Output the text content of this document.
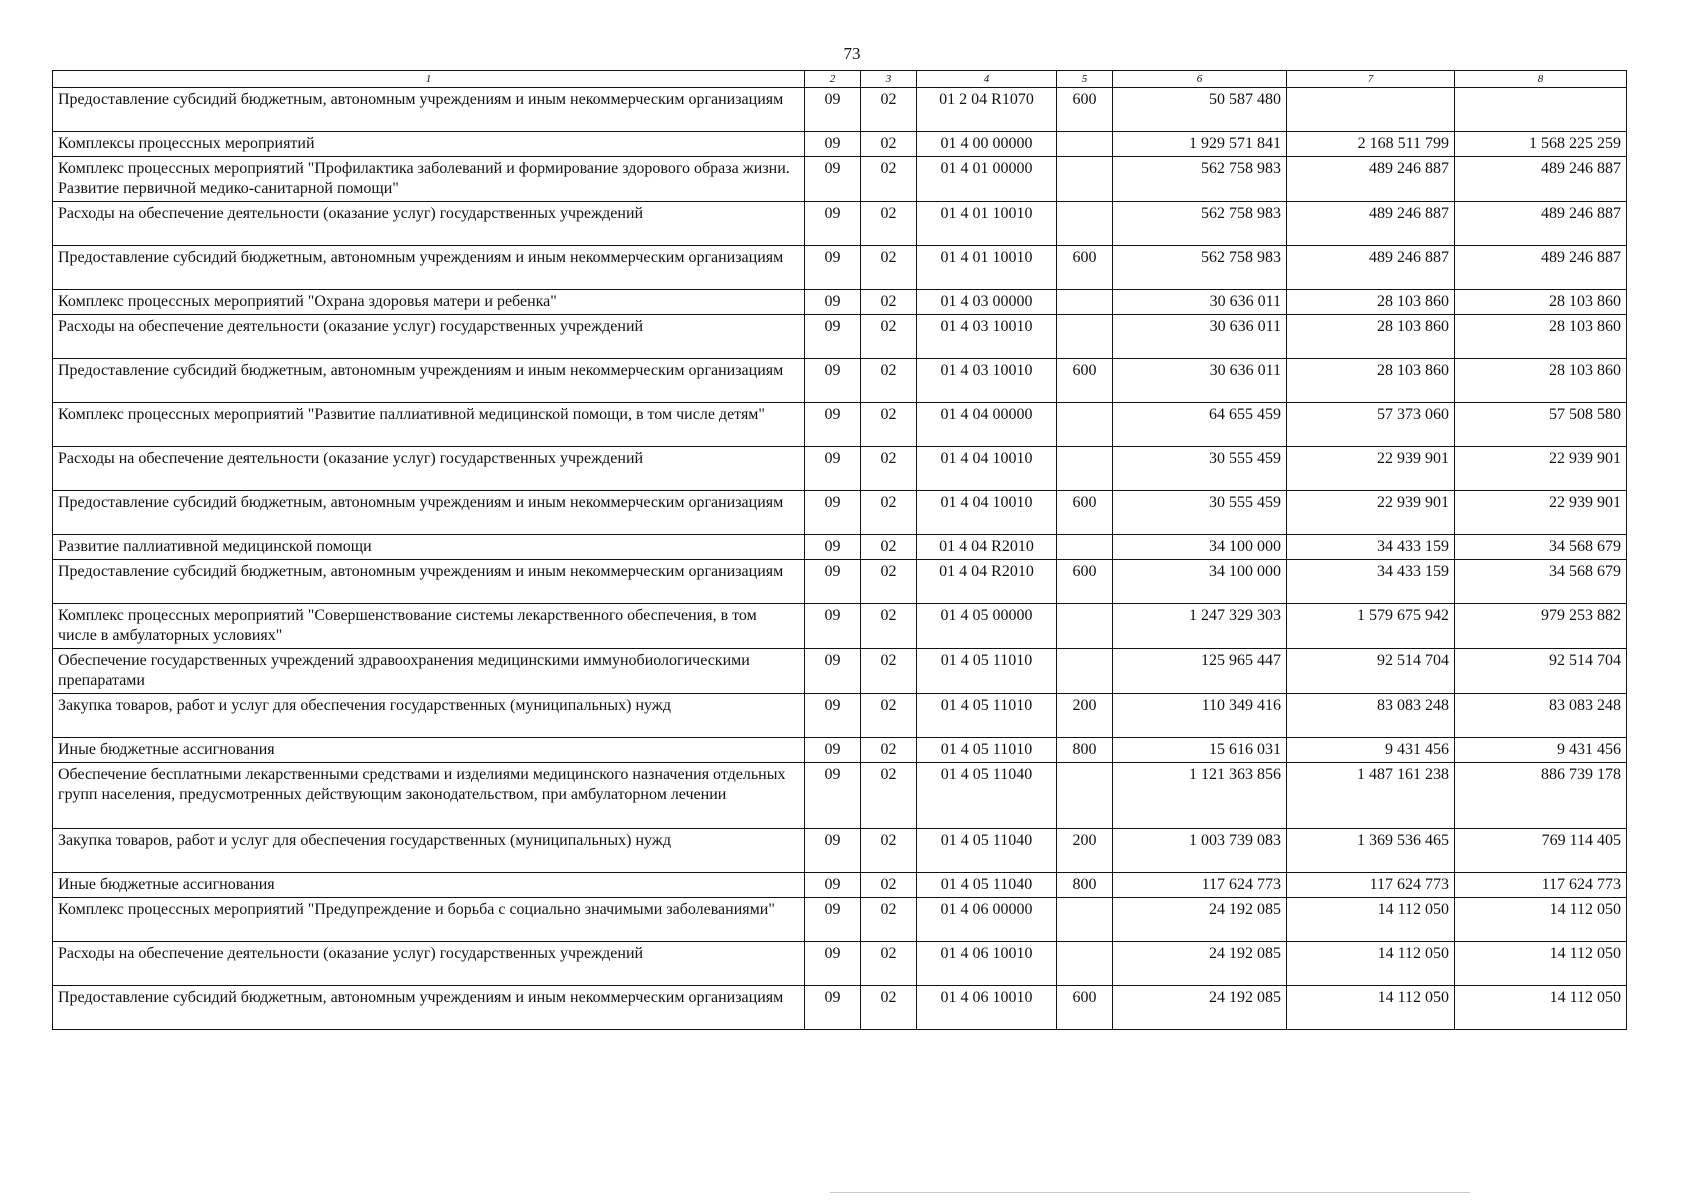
73
1	2	3	4	5	6	7	8
Предоставление субсидий бюджетным, автономным учреждениям и иным некоммерческим организациям	09	02	01 2 04 R1070	600	50 587 480		
Комплексы процессных мероприятий	09	02	01 4 00 00000		1 929 571 841	2 168 511 799	1 568 225 259
Комплекс процессных мероприятий "Профилактика заболеваний и формирование здорового образа жизни. Развитие первичной медико-санитарной помощи"	09	02	01 4 01 00000		562 758 983	489 246 887	489 246 887
Расходы на обеспечение деятельности (оказание услуг) государственных учреждений	09	02	01 4 01 10010		562 758 983	489 246 887	489 246 887
Предоставление субсидий бюджетным, автономным учреждениям и иным некоммерческим организациям	09	02	01 4 01 10010	600	562 758 983	489 246 887	489 246 887
Комплекс процессных мероприятий "Охрана здоровья матери и ребенка"	09	02	01 4 03 00000		30 636 011	28 103 860	28 103 860
Расходы на обеспечение деятельности (оказание услуг) государственных учреждений	09	02	01 4 03 10010		30 636 011	28 103 860	28 103 860
Предоставление субсидий бюджетным, автономным учреждениям и иным некоммерческим организациям	09	02	01 4 03 10010	600	30 636 011	28 103 860	28 103 860
Комплекс процессных мероприятий "Развитие паллиативной медицинской помощи, в том числе детям"	09	02	01 4 04 00000		64 655 459	57 373 060	57 508 580
Расходы на обеспечение деятельности (оказание услуг) государственных учреждений	09	02	01 4 04 10010		30 555 459	22 939 901	22 939 901
Предоставление субсидий бюджетным, автономным учреждениям и иным некоммерческим организациям	09	02	01 4 04 10010	600	30 555 459	22 939 901	22 939 901
Развитие паллиативной медицинской помощи	09	02	01 4 04 R2010		34 100 000	34 433 159	34 568 679
Предоставление субсидий бюджетным, автономным учреждениям и иным некоммерческим организациям	09	02	01 4 04 R2010	600	34 100 000	34 433 159	34 568 679
Комплекс процессных мероприятий "Совершенствование системы лекарственного обеспечения, в том числе в амбулаторных условиях"	09	02	01 4 05 00000		1 247 329 303	1 579 675 942	979 253 882
Обеспечение государственных учреждений здравоохранения медицинскими иммунобиологическими препаратами	09	02	01 4 05 11010		125 965 447	92 514 704	92 514 704
Закупка товаров, работ и услуг для обеспечения государственных (муниципальных) нужд	09	02	01 4 05 11010	200	110 349 416	83 083 248	83 083 248
Иные бюджетные ассигнования	09	02	01 4 05 11010	800	15 616 031	9 431 456	9 431 456
Обеспечение бесплатными лекарственными средствами и изделиями медицинского назначения отдельных групп населения, предусмотренных действующим законодательством, при амбулаторном лечении	09	02	01 4 05 11040		1 121 363 856	1 487 161 238	886 739 178
Закупка товаров, работ и услуг для обеспечения государственных (муниципальных) нужд	09	02	01 4 05 11040	200	1 003 739 083	1 369 536 465	769 114 405
Иные бюджетные ассигнования	09	02	01 4 05 11040	800	117 624 773	117 624 773	117 624 773
Комплекс процессных мероприятий "Предупреждение и борьба с социально значимыми заболеваниями"	09	02	01 4 06 00000		24 192 085	14 112 050	14 112 050
Расходы на обеспечение деятельности (оказание услуг) государственных учреждений	09	02	01 4 06 10010		24 192 085	14 112 050	14 112 050
Предоставление субсидий бюджетным, автономным учреждениям и иным некоммерческим организациям	09	02	01 4 06 10010	600	24 192 085	14 112 050	14 112 050
